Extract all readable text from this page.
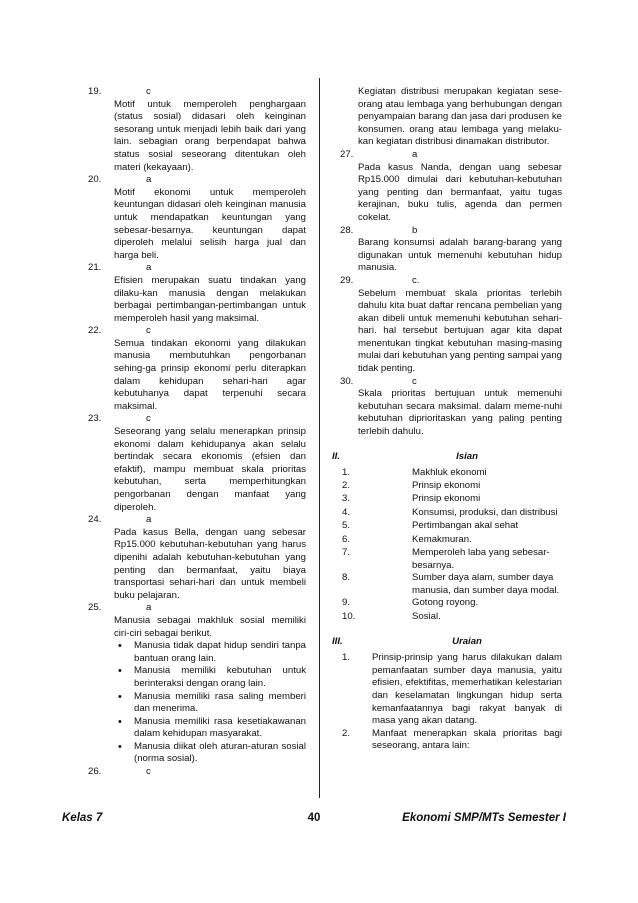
19.	c
Motif untuk memperoleh penghargaan (status sosial) didasari oleh keinginan sesorang untuk menjadi lebih baik dari yang lain. sebagian orang berpendapat bahwa status sosial seseorang ditentukan oleh materi (kekayaan).
20.	a
Motif ekonomi untuk memperoleh keuntungan didasari oleh keinginan manusia untuk mendapatkan keuntungan yang sebesar-besarnya. keuntungan dapat diperoleh melalui selisih harga jual dan harga beli.
21.	a
Efisien merupakan suatu tindakan yang dilaku-kan manusia dengan melakukan berbagai pertimbangan-pertimbangan untuk memperoleh hasil yang maksimal.
22.	c
Semua tindakan ekonomi yang dilakukan manusia membutuhkan pengorbanan sehing-ga prinsip ekonomi perlu diterapkan dalam kehidupan sehari-hari agar kebutuhanya dapat terpenuhi secara maksimal.
23.	c
Seseorang yang selalu menerapkan prinsip ekonomi dalam kehidupanya akan selalu bertindak secara ekonomis (efsien dan efaktif), mampu membuat skala prioritas kebutuhan, serta memperhitungkan pengorbanan dengan manfaat yang diperoleh.
24.	a
Pada kasus Bella, dengan uang sebesar Rp15.000 kebutuhan-kebutuhan yang harus dipenihi adalah kebutuhan-kebutuhan yang penting dan bermanfaat, yaitu biaya transportasi sehari-hari dan untuk membeli buku pelajaran.
25.	a
Manusia sebagai makhluk sosial memiliki ciri-ciri sebagai berikut.
• Manusia tidak dapat hidup sendiri tanpa bantuan orang lain.
• Manusia memiliki kebutuhan untuk berinteraksi dengan orang lain.
• Manusia memiliki rasa saling memberi dan menerima.
• Manusia memiliki rasa kesetiakawanan dalam kehidupan masyarakat.
• Manusia diikat oleh aturan-aturan sosial (norma sosial).
26.	c
Kegiatan distribusi merupakan kegiatan sese-orang atau lembaga yang berhubungan dengan penyampaian barang dan jasa dari produsen ke konsumen. orang atau lembaga yang melaku-kan kegiatan distribusi dinamakan distributor.
27.	a
Pada kasus Nanda, dengan uang sebesar Rp15.000 dimulai dari kebutuhan-kebutuhan yang penting dan bermanfaat, yaitu tugas kerajinan, buku tulis, agenda dan permen cokelat.
28.	b
Barang konsumsi adalah barang-barang yang digunakan untuk memenuhi kebutuhan hidup manusia.
29.	c.
Sebelum membuat skala prioritas terlebih dahulu kita buat daftar rencana pembelian yang akan dibeli untuk memenuhi kebutuhan sehari-hari. hal tersebut bertujuan agar kita dapat menentukan tingkat kebutuhan masing-masing mulai dari kebutuhan yang penting sampai yang tidak penting.
30.	c
Skala prioritas bertujuan untuk memenuhi kebutuhan secara maksimal. dalam meme-nuhi kebutuhan diprioritaskan yang paling penting terlebih dahulu.
II.	Isian
1.	Makhluk ekonomi
2.	Prinsip ekonomi
3.	Prinsip ekonomi
4.	Konsumsi, produksi, dan distribusi
5.	Pertimbangan akal sehat
6.	Kemakmuran.
7.	Memperoleh laba yang sebesar-besarnya.
8.	Sumber daya alam, sumber daya manusia, dan sumber daya modal.
9.	Gotong royong.
10.	Sosial.
III.	Uraian
1.	Prinsip-prinsip yang harus dilakukan dalam pemanfaatan sumber daya manusia, yaitu efisien, efektifitas, memerhatikan kelestarian dan keselamatan lingkungan hidup serta kemanfaatannya bagi rakyat banyak di masa yang akan datang.
2.	Manfaat menerapkan skala prioritas bagi seseorang, antara lain:
Kelas 7	40	Ekonomi SMP/MTs Semester I
